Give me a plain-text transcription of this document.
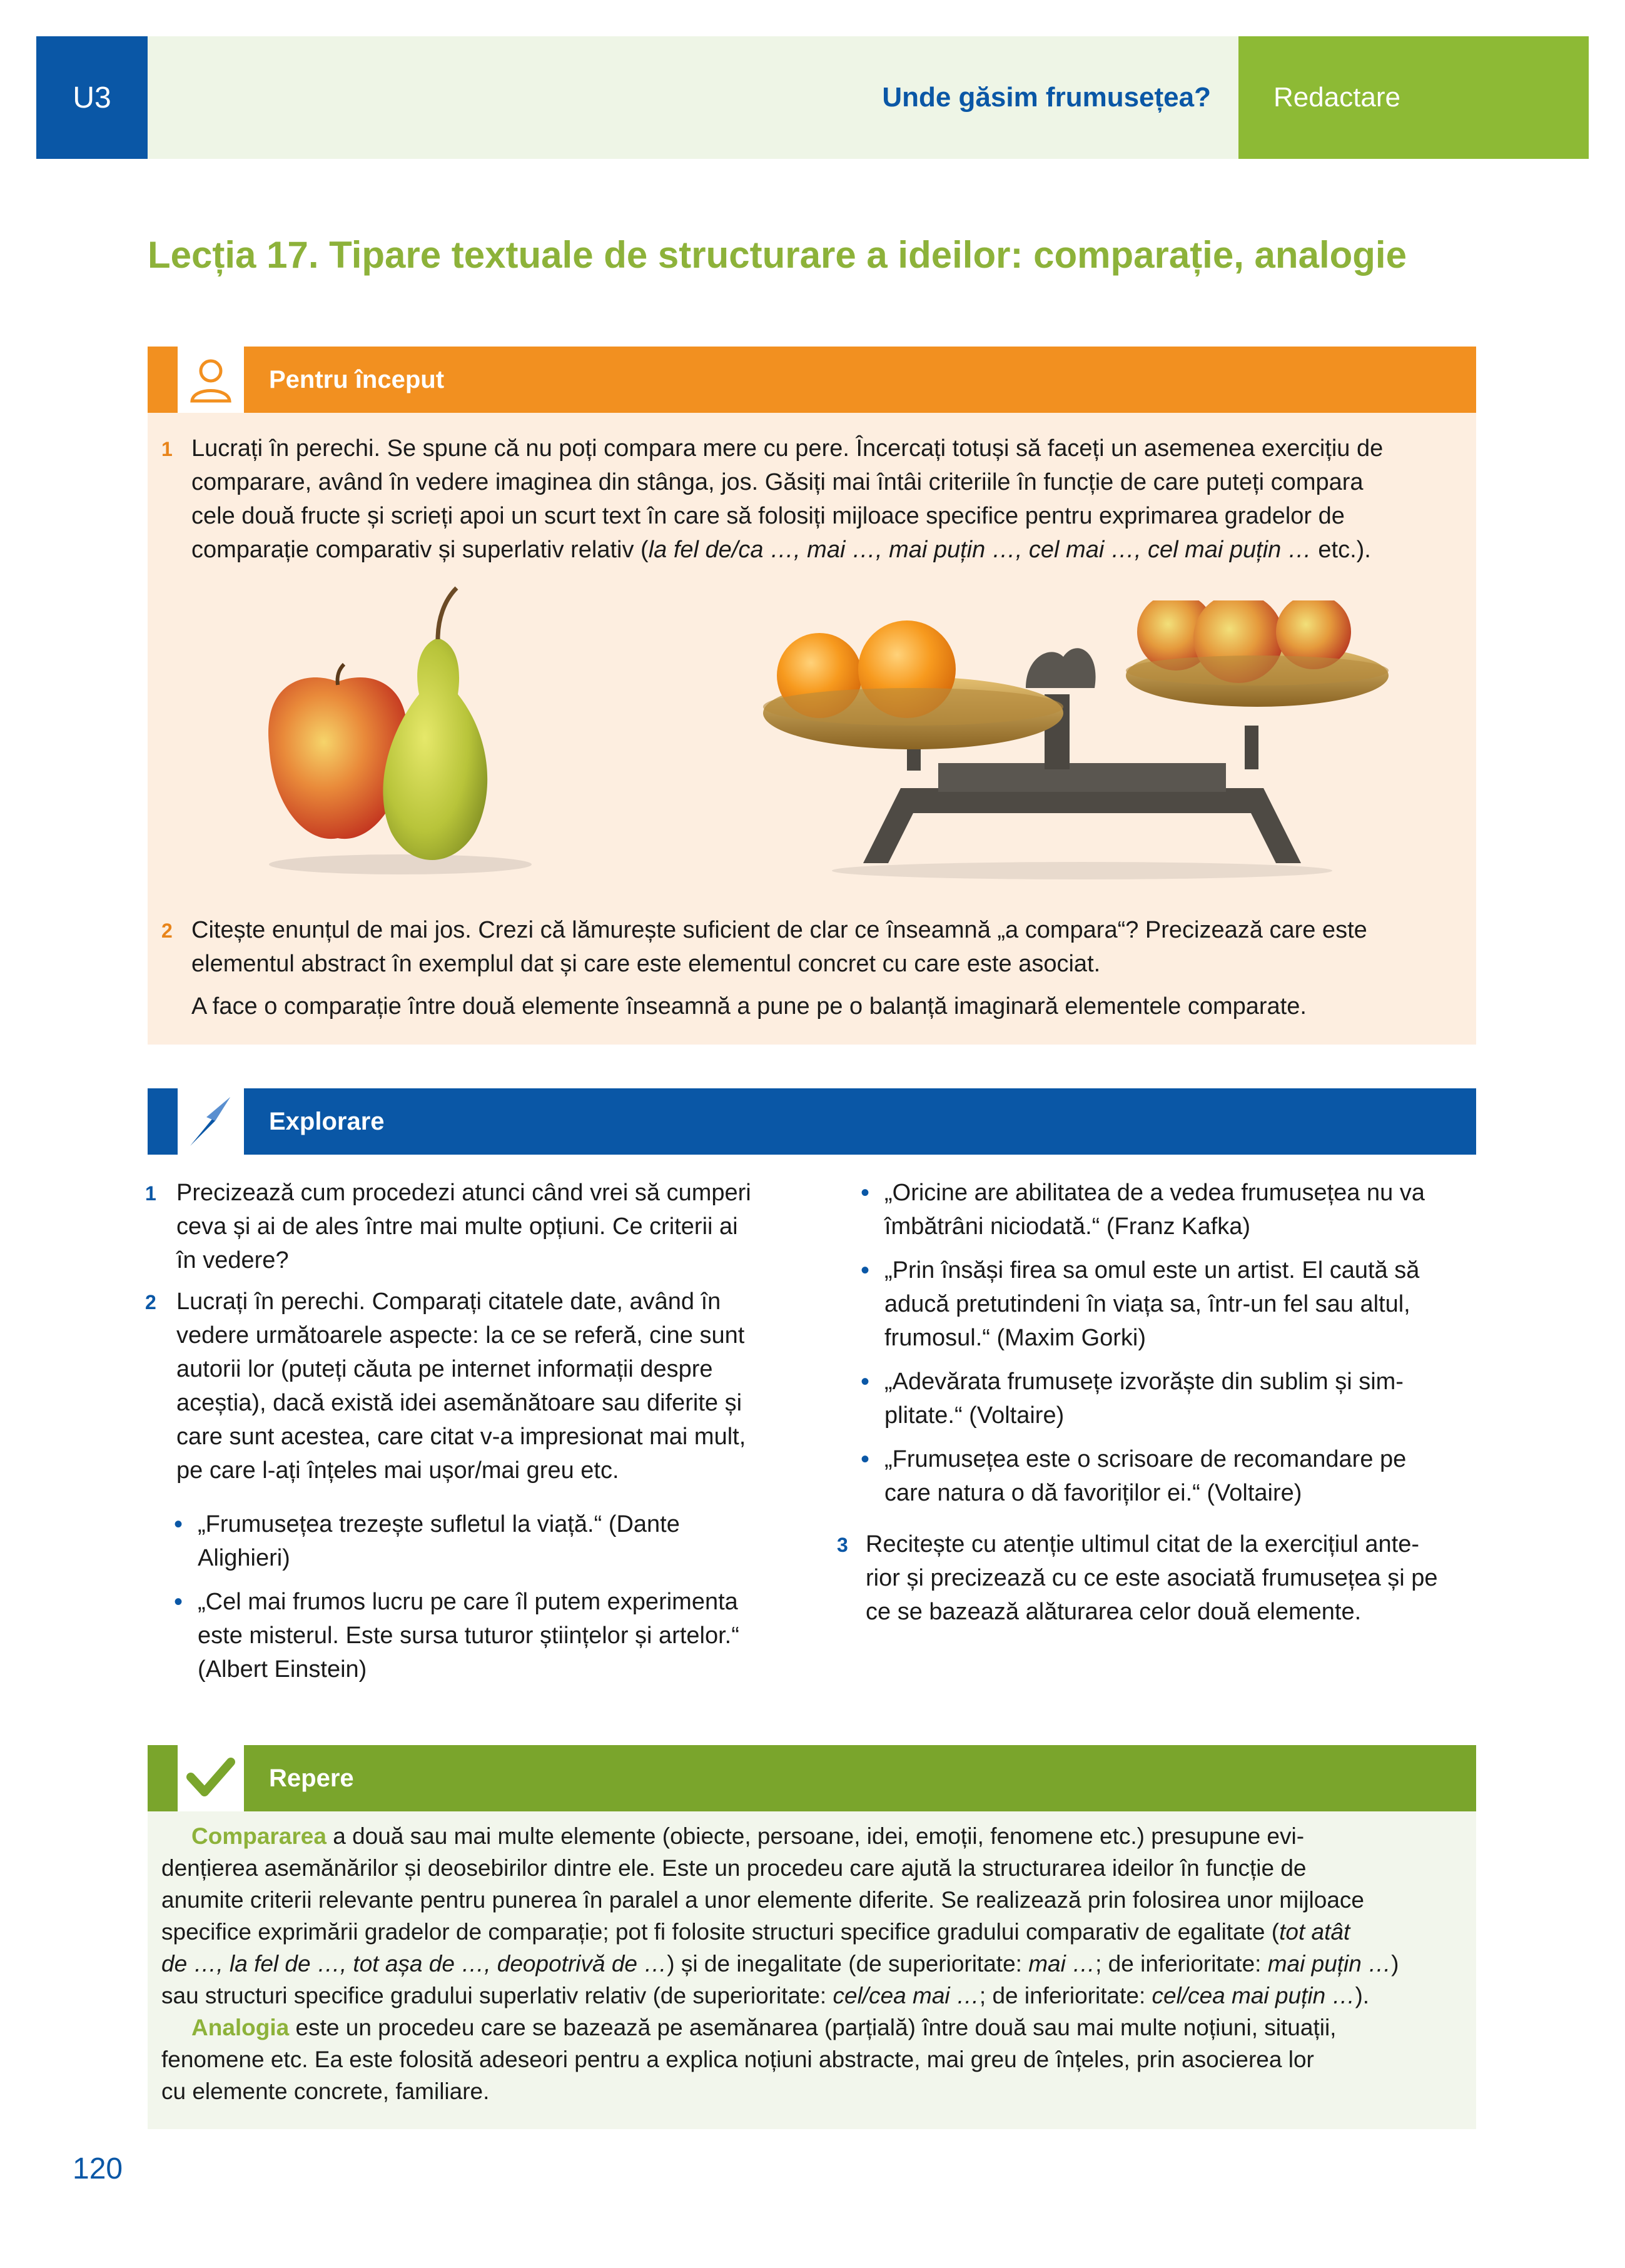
U3	Unde găsim frumusețea?	Redactare
Lecția 17. Tipare textuale de structurare a ideilor: comparație, analogie
Pentru început
1 Lucrați în perechi. Se spune că nu poți compara mere cu pere. Încercați totuși să faceți un asemenea exercițiu de
comparare, având în vedere imaginea din stânga, jos. Găsiți mai întâi criteriile în funcție de care puteți compara
cele două fructe și scrieți apoi un scurt text în care să folosiți mijloace specifice pentru exprimarea gradelor de
comparație comparativ și superlativ relativ (la fel de/ca …, mai …, mai puțin …, cel mai …, cel mai puțin … etc.).
2 Citește enunțul de mai jos. Crezi că lămurește suficient de clar ce înseamnă „a compara“? Precizează care este
elementul abstract în exemplul dat și care este elementul concret cu care este asociat.
A face o comparație între două elemente înseamnă a pune pe o balanță imaginară elementele comparate.
Explorare
1 Precizează cum procedezi atunci când vrei să cumperi
ceva și ai de ales între mai multe opțiuni. Ce criterii ai
în vedere?
2 Lucrați în perechi. Comparați citatele date, având în
vedere următoarele aspecte: la ce se referă, cine sunt
autorii lor (puteți căuta pe internet informații despre
aceștia), dacă există idei asemănătoare sau diferite și
care sunt acestea, care citat v-a impresionat mai mult,
pe care l-ați înțeles mai ușor/mai greu etc.
• „Frumusețea trezește sufletul la viață.“ (Dante
Alighieri)
• „Cel mai frumos lucru pe care îl putem experimenta
este misterul. Este sursa tuturor științelor și artelor.“
(Albert Einstein)
• „Oricine are abilitatea de a vedea frumusețea nu va
îmbătrâni niciodată.“ (Franz Kafka)
• „Prin însăși firea sa omul este un artist. El caută să
aducă pretutindeni în viața sa, într-un fel sau altul,
frumosul.“ (Maxim Gorki)
• „Adevărata frumusețe izvorăște din sublim și sim-
plitate.“ (Voltaire)
• „Frumusețea este o scrisoare de recomandare pe
care natura o dă favoriților ei.“ (Voltaire)
3 Recitește cu atenție ultimul citat de la exercițiul ante-
rior și precizează cu ce este asociată frumusețea și pe
ce se bazează alăturarea celor două elemente.
Repere
Compararea a două sau mai multe elemente (obiecte, persoane, idei, emoții, fenomene etc.) presupune evi-
dențierea asemănărilor și deosebirilor dintre ele. Este un procedeu care ajută la structurarea ideilor în funcție de
anumite criterii relevante pentru punerea în paralel a unor elemente diferite. Se realizează prin folosirea unor mijloace
specifice exprimării gradelor de comparație; pot fi folosite structuri specifice gradului comparativ de egalitate (tot atât
de …, la fel de …, tot așa de …, deopotrivă de …) și de inegalitate (de superioritate: mai …; de inferioritate: mai puțin …)
sau structuri specifice gradului superlativ relativ (de superioritate: cel/cea mai …; de inferioritate: cel/cea mai puțin …).
Analogia este un procedeu care se bazează pe asemănarea (parțială) între două sau mai multe noțiuni, situații,
fenomene etc. Ea este folosită adeseori pentru a explica noțiuni abstracte, mai greu de înțeles, prin asocierea lor
cu elemente concrete, familiare.
120
